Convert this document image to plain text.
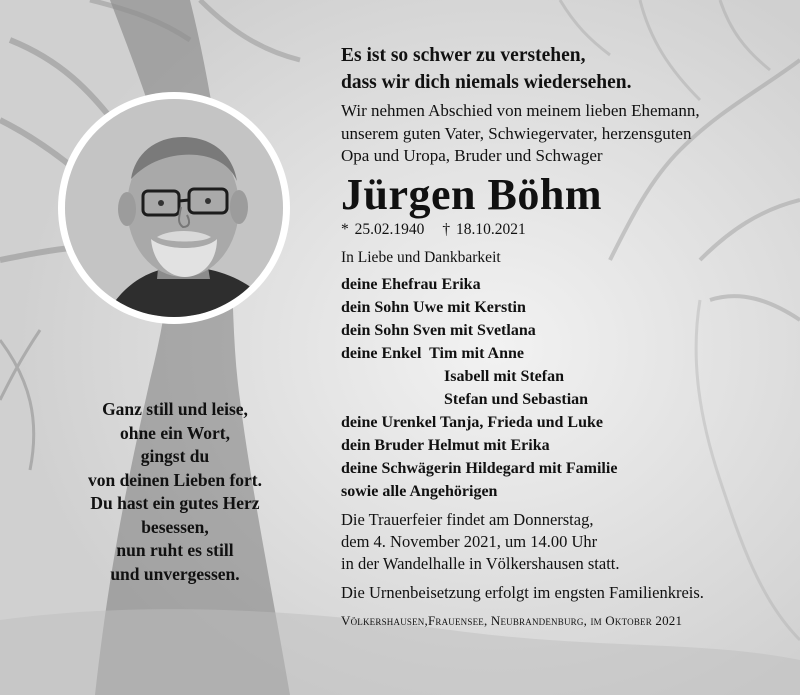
Ganz still und leise,
ohne ein Wort,
gingst du
von deinen Lieben fort.
Du hast ein gutes Herz
besessen,
nun ruht es still
und unvergessen.
Es ist so schwer zu verstehen,
dass wir dich niemals wiedersehen.
Wir nehmen Abschied von meinem lieben Ehemann,
unserem guten Vater, Schwiegervater, herzensguten
Opa und Uropa, Bruder und Schwager
Jürgen Böhm
* 25.02.1940 † 18.10.2021
In Liebe und Dankbarkeit
deine Ehefrau Erika
dein Sohn Uwe mit Kerstin
dein Sohn Sven mit Svetlana
deine Enkel  Tim mit Anne
Isabell mit Stefan
Stefan und Sebastian
deine Urenkel Tanja, Frieda und Luke
dein Bruder Helmut mit Erika
deine Schwägerin Hildegard mit Familie
sowie alle Angehörigen
Die Trauerfeier findet am Donnerstag,
dem 4. November 2021, um 14.00 Uhr
in der Wandelhalle in Völkershausen statt.
Die Urnenbeisetzung erfolgt im engsten Familienkreis.
Völkershausen,Frauensee, Neubrandenburg, im Oktober 2021
